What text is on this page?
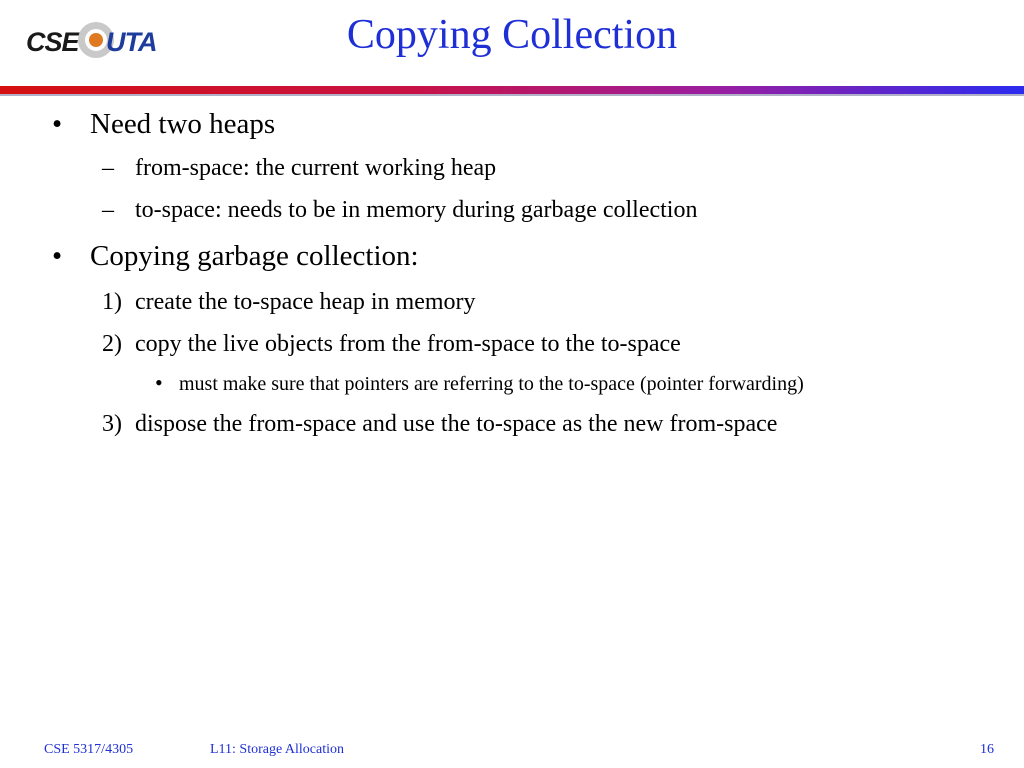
CSE UTA	Copying Collection
• Need two heaps
– from-space: the current working heap
– to-space: needs to be in memory during garbage collection
• Copying garbage collection:
1) create the to-space heap in memory
2) copy the live objects from the from-space to the to-space
• must make sure that pointers are referring to the to-space (pointer forwarding)
3) dispose the from-space and use the to-space as the new from-space
CSE 5317/4305	L11: Storage Allocation	16
